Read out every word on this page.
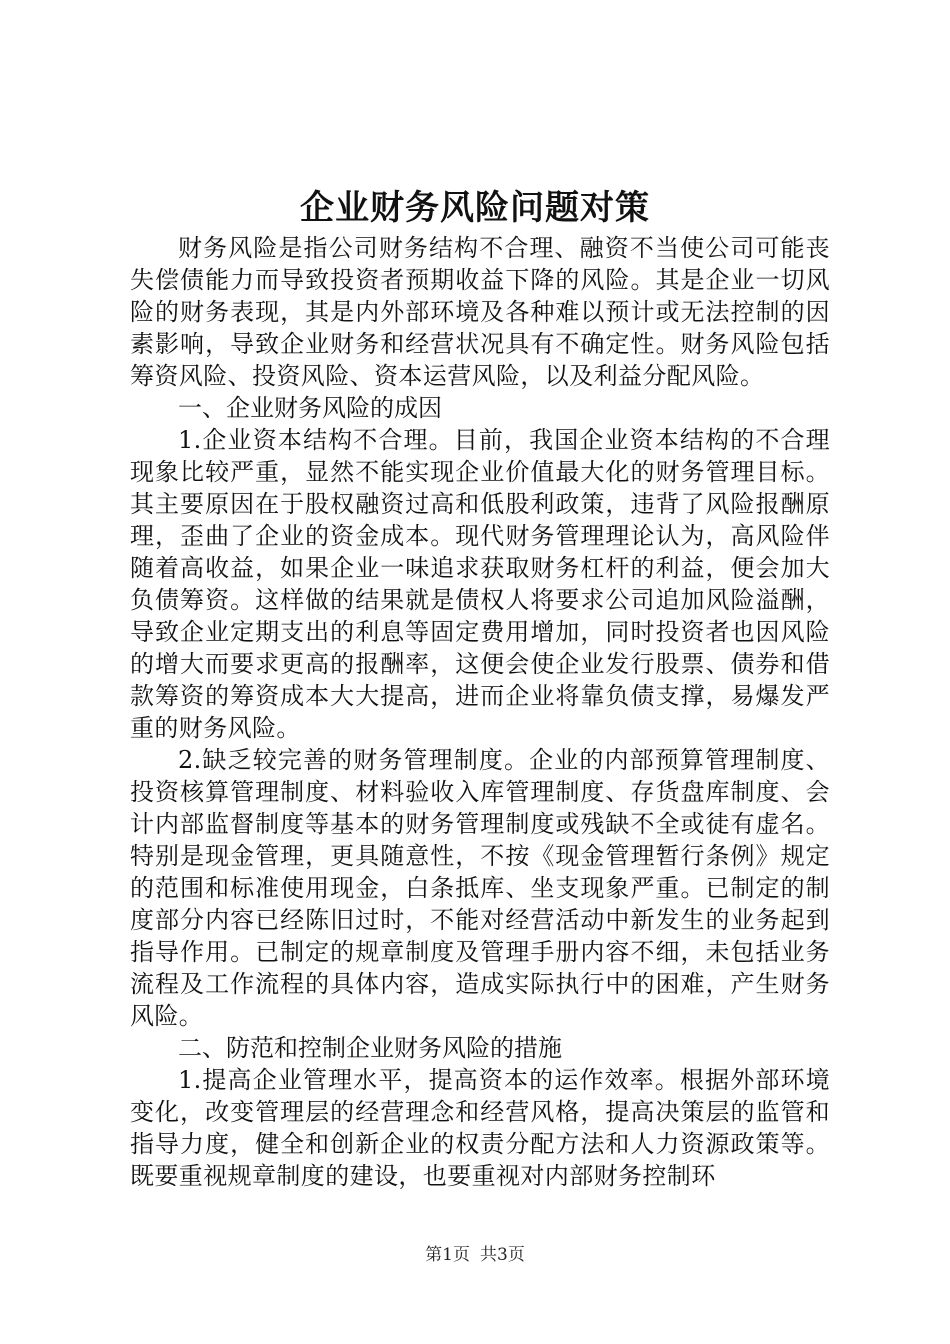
企业财务风险问题对策

财务风险是指公司财务结构不合理、融资不当使公司可能丧失偿债能力而导致投资者预期收益下降的风险。其是企业一切风险的财务表现，其是内外部环境及各种难以预计或无法控制的因素影响，导致企业财务和经营状况具有不确定性。财务风险包括筹资风险、投资风险、资本运营风险，以及利益分配风险。

一、企业财务风险的成因

1.企业资本结构不合理。目前，我国企业资本结构的不合理现象比较严重，显然不能实现企业价值最大化的财务管理目标。其主要原因在于股权融资过高和低股利政策，违背了风险报酬原理，歪曲了企业的资金成本。现代财务管理理论认为，高风险伴随着高收益，如果企业一味追求获取财务杠杆的利益，便会加大负债筹资。这样做的结果就是债权人将要求公司追加风险溢酬，导致企业定期支出的利息等固定费用增加，同时投资者也因风险的增大而要求更高的报酬率，这便会使企业发行股票、债券和借款筹资的筹资成本大大提高，进而企业将靠负债支撑，易爆发严重的财务风险。

2.缺乏较完善的财务管理制度。企业的内部预算管理制度、投资核算管理制度、材料验收入库管理制度、存货盘库制度、会计内部监督制度等基本的财务管理制度或残缺不全或徒有虚名。特别是现金管理，更具随意性，不按《现金管理暂行条例》规定的范围和标准使用现金，白条抵库、坐支现象严重。已制定的制度部分内容已经陈旧过时，不能对经营活动中新发生的业务起到指导作用。已制定的规章制度及管理手册内容不细，未包括业务流程及工作流程的具体内容，造成实际执行中的困难，产生财务风险。

二、防范和控制企业财务风险的措施

1.提高企业管理水平，提高资本的运作效率。根据外部环境变化，改变管理层的经营理念和经营风格，提高决策层的监管和指导力度，健全和创新企业的权责分配方法和人力资源政策等。既要重视规章制度的建设，也要重视对内部财务控制环

第1页 共3页
